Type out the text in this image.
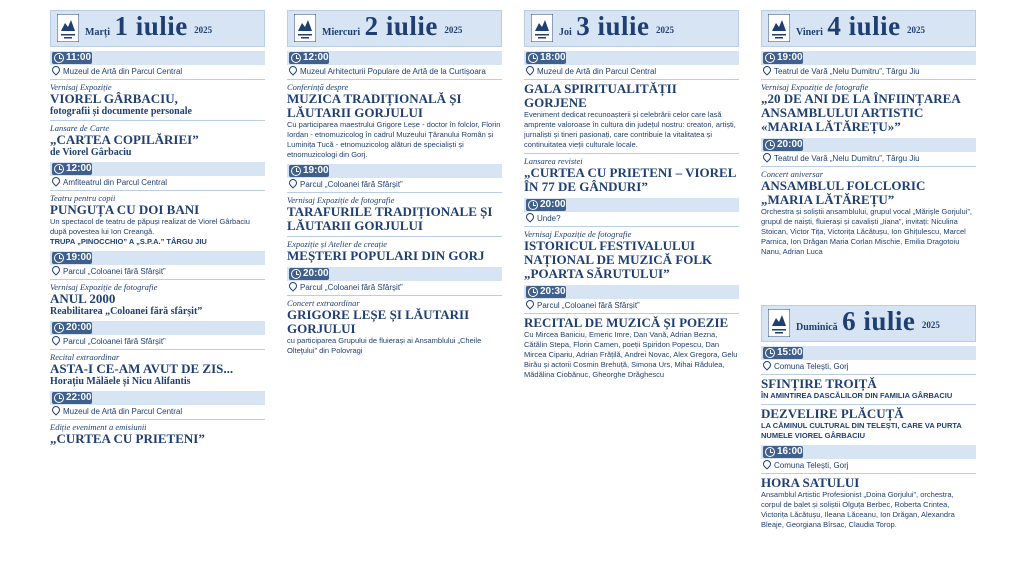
Marți 1 iulie 2025
11:00
Muzeul de Artă din Parcul Central
Vernisaj Expoziție
VIOREL GÂRBACIU,
fotografii și documente personale
Lansare de Carte
„CARTEA COPILĂRIEI”
de Viorel Gârbaciu
12:00
Amfiteatrul din Parcul Central
Teatru pentru copii
PUNGUȚA CU DOI BANI
Un spectacol de teatru de păpuși realizat de Viorel Gârbaciu după povestea lui Ion Creangă.
TRUPA „PINOCCHIO” A „S.P.A.” TÂRGU JIU
19:00
Parcul „Coloanei fără Sfârșit”
Vernisaj Expoziție de fotografie
ANUL 2000
Reabilitarea „Coloanei fără sfârșit”
20:00
Parcul „Coloanei fără Sfârșit”
Recital extraordinar
ASTA-I CE-AM AVUT DE ZIS...
Horațiu Mălăele și Nicu Alifantis
22:00
Muzeul de Artă din Parcul Central
Ediție eveniment a emisiunii
„CURTEA CU PRIETENI”
Miercuri 2 iulie 2025
12:00
Muzeul Arhitecturii Populare de Artă de la Curtișoara
Conferință despre
MUZICA TRADIȚIONALĂ ȘI LĂUTARII GORJULUI
Cu participarea maestrului Grigore Leșe - doctor în folclor, Florin Iordan - etnomuzicolog în cadrul Muzeului Țăranului Român și Luminița Tucă - etnomuzicolog alături de specialiști și etnomuzicologi din Gorj.
19:00
Parcul „Coloanei fără Sfârșit”
Vernisaj Expoziție de fotografie
TARAFURILE TRADIȚIONALE ȘI LĂUTARII GORJULUI
Expoziție și Atelier de creație
MEȘTERI POPULARI DIN GORJ
20:00
Parcul „Coloanei fără Sfârșit”
Concert extraordinar
GRIGORE LEȘE ȘI LĂUTARII GORJULUI
cu participarea Grupului de fluierași ai Ansamblului „Cheile Olteţului” din Polovragi
Joi 3 iulie 2025
18:00
Muzeul de Artă din Parcul Central
GALA SPIRITUALITĂȚII GORJENE
Eveniment dedicat recunoașterii și celebrării celor care lasă amprente valoroase în cultura din județul nostru: creatori, artiști, jurnaliști și tineri pasionați, care contribuie la vitalitatea și continuitatea vieții culturale locale.
Lansarea revistei
„CURTEA CU PRIETENI – VIOREL ÎN 77 DE GÂNDURI”
20:00
Unde?
Vernisaj Expoziție de fotografie
ISTORICUL FESTIVALULUI NAȚIONAL DE MUZICĂ FOLK „POARTA SĂRUTULUI”
20:30
Parcul „Coloanei fără Sfârșit”
RECITAL DE MUZICĂ ȘI POEZIE
Cu Mircea Baniciu, Emeric Imre, Dan Vană, Adrian Bezna, Cătălin Stepa, Florin Camen, poeții Spiridon Popescu, Dan Mircea Cipariu, Adrian Frățilă, Andrei Novac, Alex Gregora, Gelu Birău și actorii Cosmin Brehuță, Simona Urs, Mihai Rădulea, Mădălina Ciobănuc, Gheorghe Drăghescu
Vineri 4 iulie 2025
19:00
Teatrul de Vară „Nelu Dumitru”, Târgu Jiu
Vernisaj Expoziție de fotografie
„20 DE ANI DE LA ÎNFIINȚAREA ANSAMBLULUI ARTISTIC «MARIA LĂTĂREȚU»”
20:00
Teatrul de Vară „Nelu Dumitru”, Târgu Jiu
Concert aniversar
ANSAMBLUL FOLCLORIC „MARIA LĂTĂREȚU”
Orchestra și soliștii ansamblului, grupul vocal „Mărişle Gorjului”, grupul de naiști, fluierași și cavaliști „Iiana”, invitați: Niculina Stoican, Victor Tița, Victorița Lăcătușu, Ion Ghițulescu, Marcel Parnica, Ion Drăgan Maria Corlan Mischie, Emilia Dragotoiu Nanu, Adrian Luca
Duminică 6 iulie 2025
15:00
Comuna Telești, Gorj
SFINȚIRE TROIȚĂ
ÎN AMINTIREA DASCĂLILOR DIN FAMILIA GÂRBACIU
DEZVELIRE PLĂCUȚĂ
LA CĂMINUL CULTURAL DIN TELEȘTI, CARE VA PURTA NUMELE VIOREL GÂRBACIU
16:00
Comuna Telești, Gorj
HORA SATULUI
Ansamblul Artistic Profesionist „Doina Gorjului”, orchestra, corpul de balet și soliștii Olguța Berbec, Roberta Crintea, Victorița Lăcătușu, Ileana Lăceanu, Ion Drăgan, Alexandra Bleaje, Georgiana Bîrsac, Claudia Torop.
